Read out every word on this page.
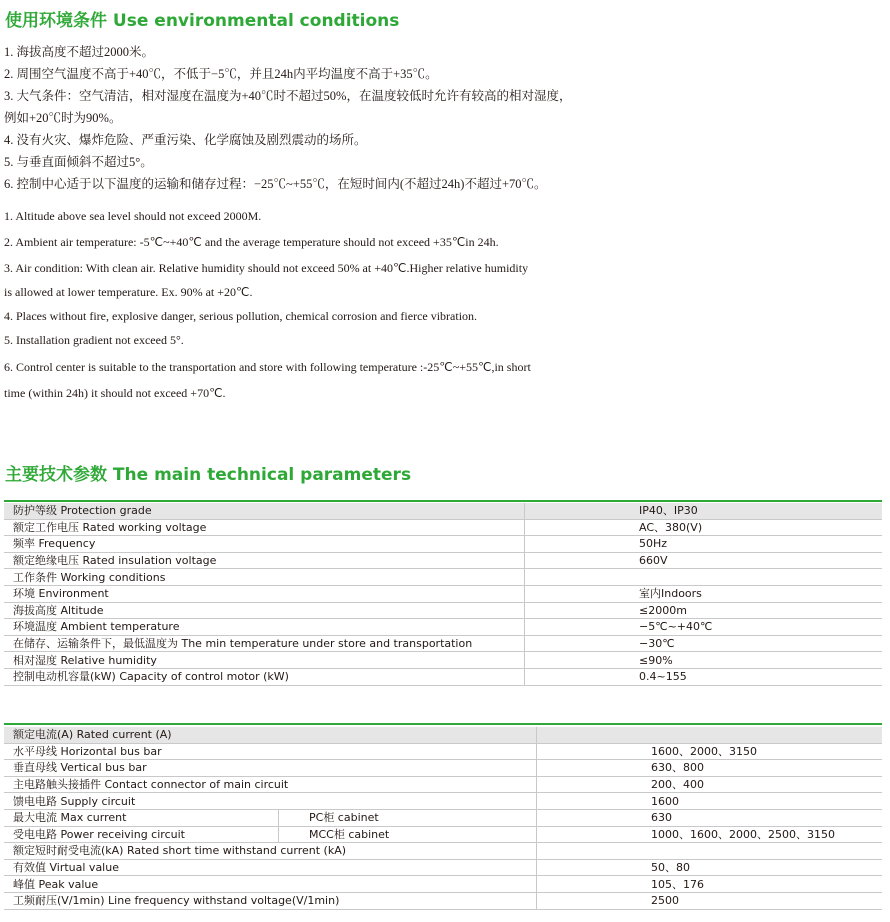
使用环境条件 Use environmental conditions
1. 海拔高度不超过2000米。
2. 周围空气温度不高于+40℃，不低于−5℃，并且24h内平均温度不高于+35℃。
3. 大气条件：空气清洁，相对湿度在温度为+40℃时不超过50%，在温度较低时允许有较高的相对湿度，
例如+20℃时为90%。
4. 没有火灾、爆炸危险、严重污染、化学腐蚀及剧烈震动的场所。
5. 与垂直面倾斜不超过5°。
6. 控制中心适于以下温度的运输和储存过程：−25℃~+55℃，在短时间内(不超过24h)不超过+70℃。
1. Altitude above sea level should not exceed 2000M.
2. Ambient air temperature: -5℃~+40℃ and the average temperature should not exceed +35℃in 24h.
3. Air condition: With clean air. Relative humidity should not exceed 50% at +40℃.Higher relative humidity
is allowed at lower temperature. Ex. 90% at +20℃.
4. Places without fire, explosive danger, serious pollution, chemical corrosion and fierce vibration.
5. Installation gradient not exceed 5°.
6. Control center is suitable to the transportation and store with following temperature :-25℃~+55℃,in short
time (within 24h) it should not exceed +70℃.
主要技术参数 The main technical parameters
防护等级 Protection grade	IP40、IP30
额定工作电压 Rated working voltage	AC、380(V)
频率 Frequency	50Hz
额定绝缘电压 Rated insulation voltage	660V
工作条件 Working conditions	
环境 Environment	室内Indoors
海拔高度 Altitude	≤2000m
环境温度 Ambient temperature	−5℃~+40℃
在储存、运输条件下，最低温度为 The min temperature under store and transportation	−30℃
相对湿度 Relative humidity	≤90%
控制电动机容量(kW) Capacity of control motor (kW)	0.4~155
额定电流(A) Rated current (A)		
水平母线 Horizontal bus bar		1600、2000、3150
垂直母线 Vertical bus bar		630、800
主电路触头接插件 Contact connector of main circuit		200、400
馈电电路 Supply circuit		1600
最大电流 Max current	PC柜 cabinet	630
受电电路 Power receiving circuit	MCC柜 cabinet	1000、1600、2000、2500、3150
额定短时耐受电流(kA) Rated short time withstand current (kA)		
有效值 Virtual value		50、80
峰值 Peak value		105、176
工频耐压(V/1min) Line frequency withstand voltage(V/1min)		2500
